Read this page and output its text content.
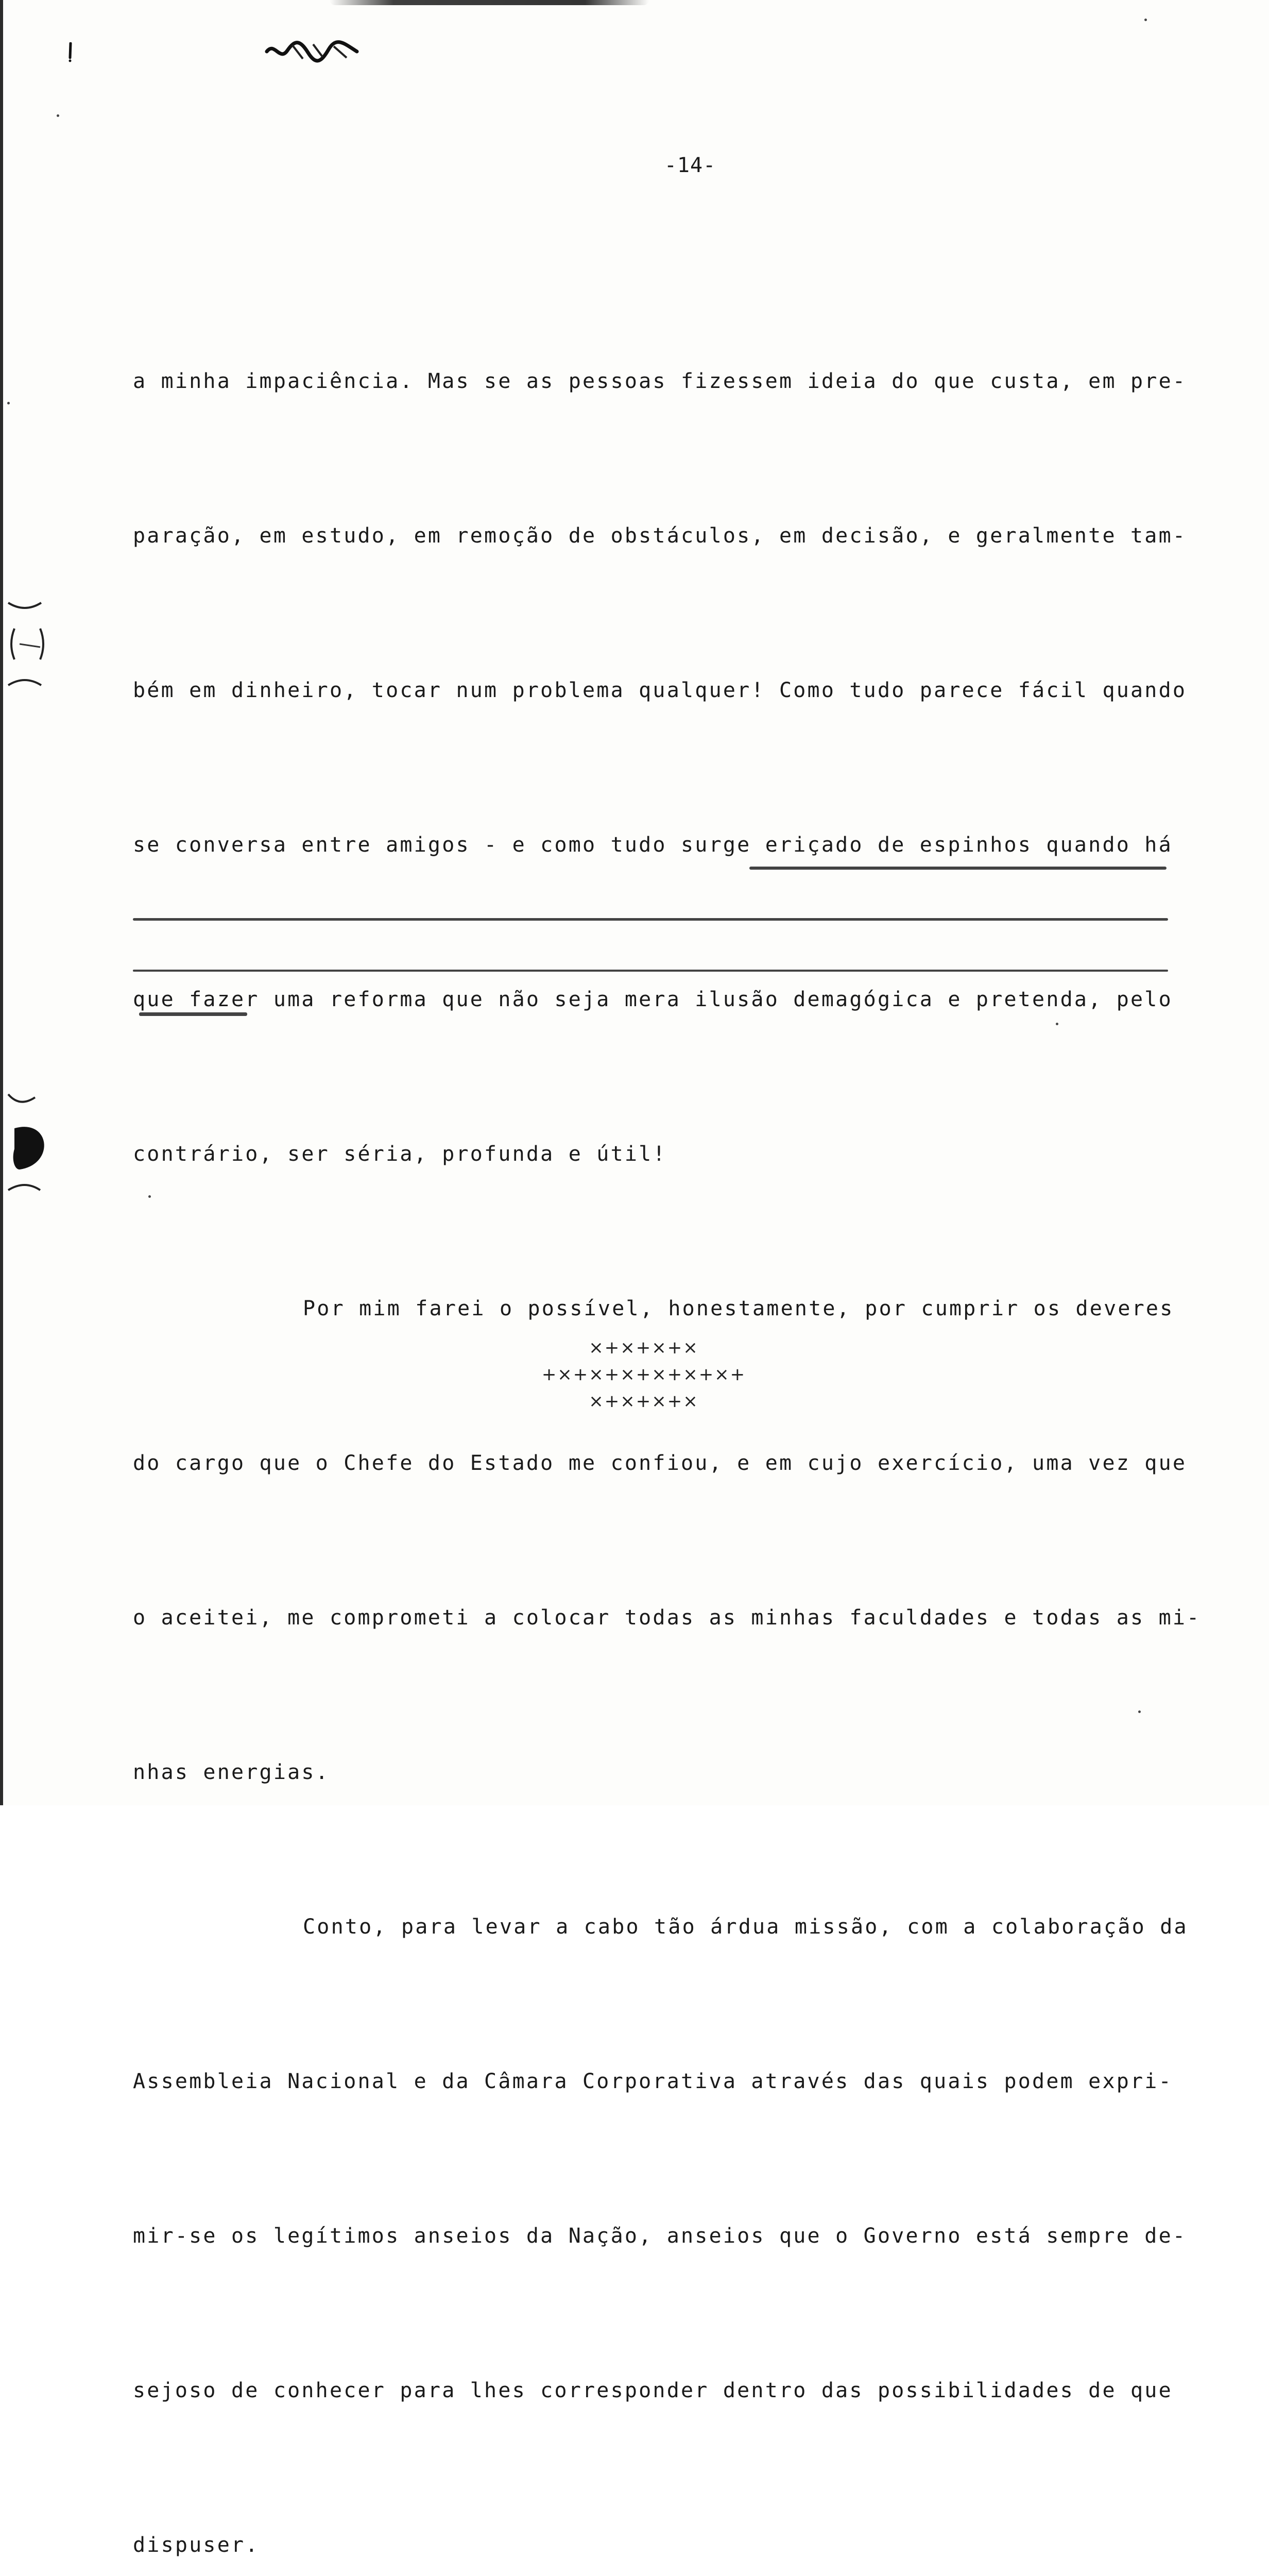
-14-

a minha impaciência. Mas se as pessoas fizessem ideia do que custa, em pre-

paração, em estudo, em remoção de obstáculos, em decisão, e geralmente tam-

bém em dinheiro, tocar num problema qualquer! Como tudo parece fácil quando

se conversa entre amigos - e como tudo surge eriçado de espinhos quando há

que fazer uma reforma que não seja mera ilusão demagógica e pretenda, pelo

contrário, ser séria, profunda e útil!

Por mim farei o possível, honestamente, por cumprir os deveres

do cargo que o Chefe do Estado me confiou, e em cujo exercício, uma vez que

o aceitei, me comprometi a colocar todas as minhas faculdades e todas as mi-

nhas energias.

Conto, para levar a cabo tão árdua missão, com a colaboração da

Assembleia Nacional e da Câmara Corporativa através das quais podem expri-

mir-se os legítimos anseios da Nação, anseios que o Governo está sempre de-

sejoso de conhecer para lhes corresponder dentro das possibilidades de que

dispuser.

×+×+×+×
+×+×+×+×+×+×+
×+×+×+×
